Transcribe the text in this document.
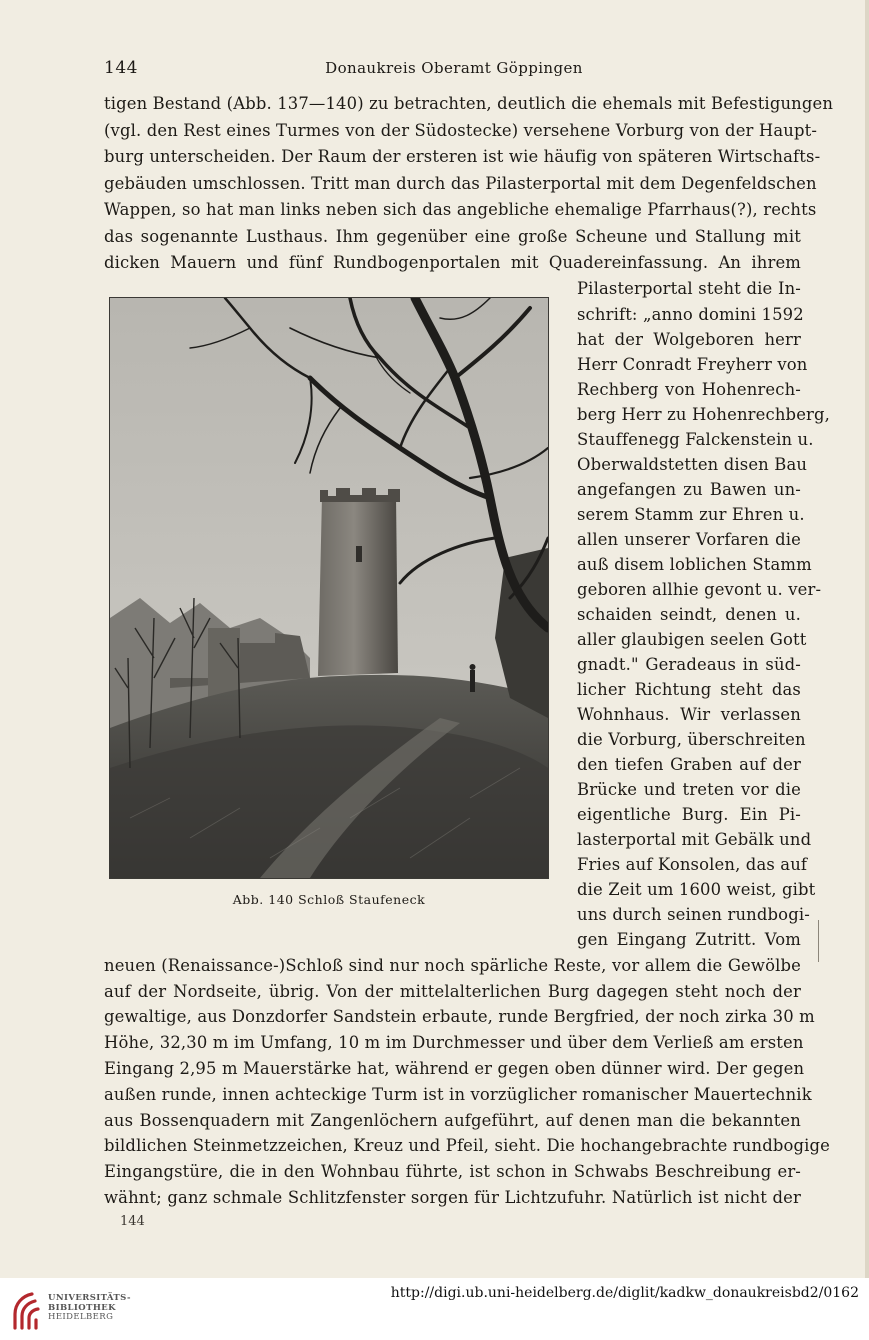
144	Donaukreis Oberamt Göppingen
tigen Bestand (Abb. 137—140) zu betrachten, deutlich die ehemals mit Befestigungen
(vgl. den Rest eines Turmes von der Südostecke) versehene Vorburg von der Haupt-
burg unterscheiden. Der Raum der ersteren ist wie häufig von späteren Wirtschafts-
gebäuden umschlossen. Tritt man durch das Pilasterportal mit dem Degenfeldschen
Wappen, so hat man links neben sich das angebliche ehemalige Pfarrhaus(?), rechts
das sogenannte Lusthaus. Ihm gegenüber eine große Scheune und Stallung mit
dicken Mauern und fünf Rundbogenportalen mit Quadereinfassung. An ihrem
Pilasterportal steht die In-
schrift: „anno domini 1592
hat der Wolgeboren herr
Herr Conradt Freyherr von
Rechberg von Hohenrech-
berg Herr zu Hohenrechberg,
Stauffenegg Falckenstein u.
Oberwaldstetten disen Bau
angefangen zu Bawen un-
serem Stamm zur Ehren u.
allen unserer Vorfaren die
auß disem loblichen Stamm
geboren allhie gevont u. ver-
schaiden seindt, denen u.
aller glaubigen seelen Gott
gnadt." Geradeaus in süd-
licher Richtung steht das
Wohnhaus. Wir verlassen
die Vorburg, überschreiten
den tiefen Graben auf der
Brücke und treten vor die
eigentliche Burg. Ein Pi-
lasterportal mit Gebälk und
Fries auf Konsolen, das auf
die Zeit um 1600 weist, gibt
uns durch seinen rundbogi-
gen Eingang Zutritt. Vom
Abb. 140 Schloß Staufeneck
neuen (Renaissance-)Schloß sind nur noch spärliche Reste, vor allem die Gewölbe
auf der Nordseite, übrig. Von der mittelalterlichen Burg dagegen steht noch der
gewaltige, aus Donzdorfer Sandstein erbaute, runde Bergfried, der noch zirka 30 m
Höhe, 32,30 m im Umfang, 10 m im Durchmesser und über dem Verließ am ersten
Eingang 2,95 m Mauerstärke hat, während er gegen oben dünner wird. Der gegen
außen runde, innen achteckige Turm ist in vorzüglicher romanischer Mauertechnik
aus Bossenquadern mit Zangenlöchern aufgeführt, auf denen man die bekannten
bildlichen Steinmetzzeichen, Kreuz und Pfeil, sieht. Die hochangebrachte rundbogige
Eingangstüre, die in den Wohnbau führte, ist schon in Schwabs Beschreibung er-
wähnt; ganz schmale Schlitzfenster sorgen für Lichtzufuhr. Natürlich ist nicht der
144
UNIVERSITÄTS-
BIBLIOTHEK
HEIDELBERG
http://digi.ub.uni-heidelberg.de/diglit/kadkw_donaukreisbd2/0162
